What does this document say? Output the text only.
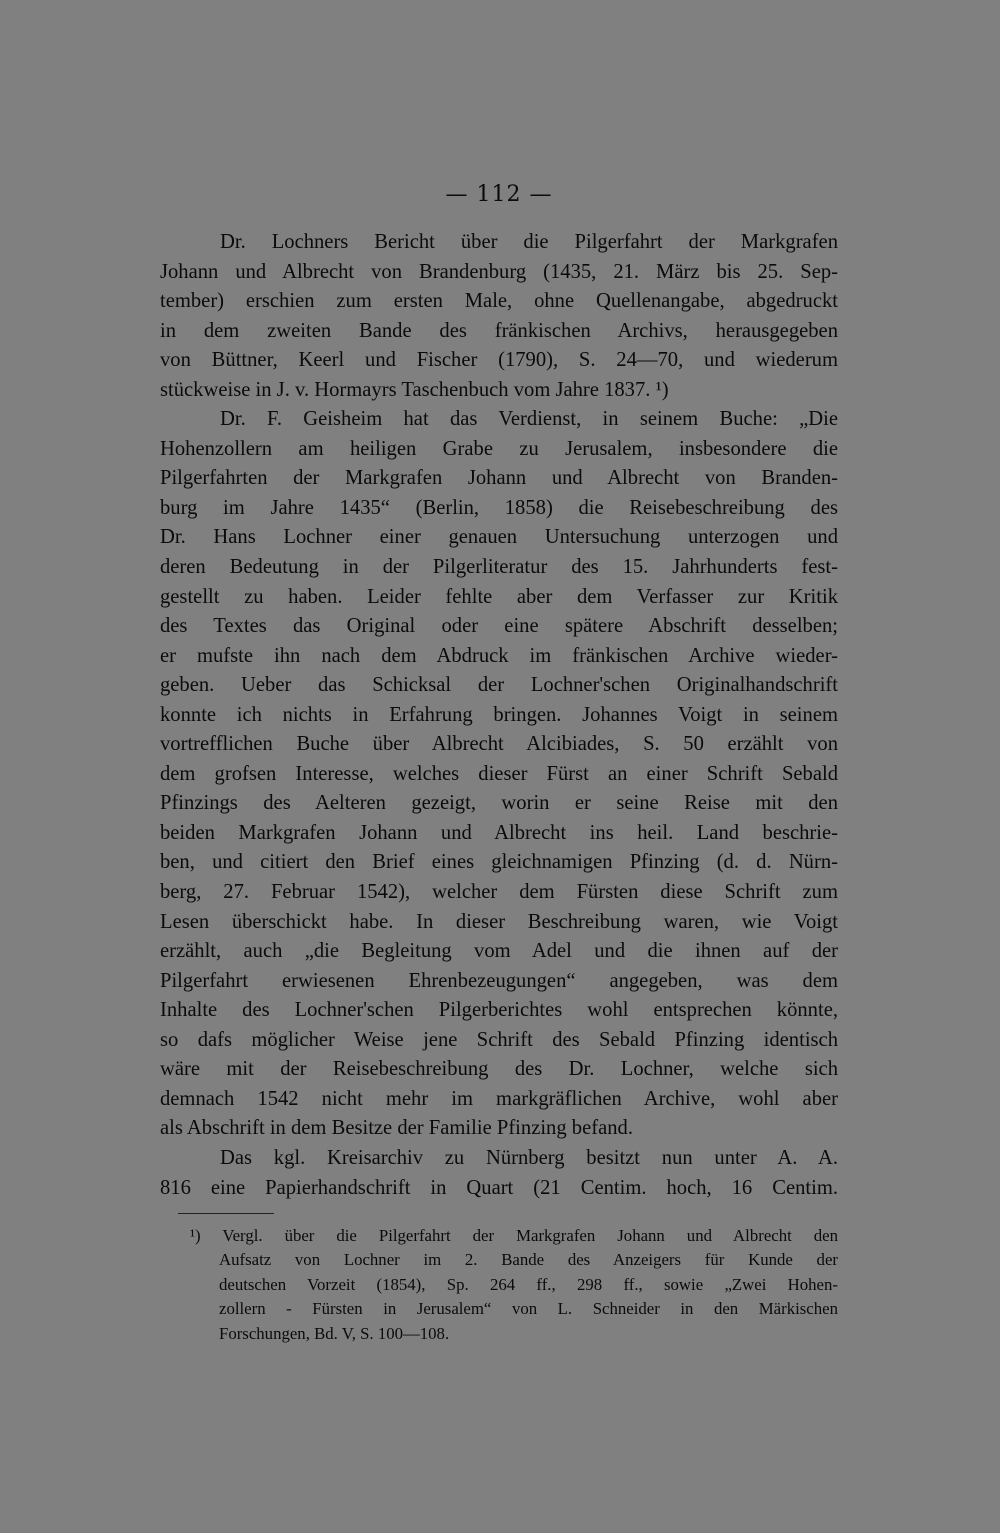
— 112 —
Dr. Lochners Bericht über die Pilgerfahrt der Markgrafen
Johann und Albrecht von Brandenburg (1435, 21. März bis 25. Sep-
tember) erschien zum ersten Male, ohne Quellenangabe, abgedruckt
in dem zweiten Bande des fränkischen Archivs, herausgegeben
von Büttner, Keerl und Fischer (1790), S. 24—70, und wiederum
stückweise in J. v. Hormayrs Taschenbuch vom Jahre 1837. ¹)
Dr. F. Geisheim hat das Verdienst, in seinem Buche: „Die
Hohenzollern am heiligen Grabe zu Jerusalem, insbesondere die
Pilgerfahrten der Markgrafen Johann und Albrecht von Branden-
burg im Jahre 1435“ (Berlin, 1858) die Reisebeschreibung des
Dr. Hans Lochner einer genauen Untersuchung unterzogen und
deren Bedeutung in der Pilgerliteratur des 15. Jahrhunderts fest-
gestellt zu haben. Leider fehlte aber dem Verfasser zur Kritik
des Textes das Original oder eine spätere Abschrift desselben;
er mufste ihn nach dem Abdruck im fränkischen Archive wieder-
geben. Ueber das Schicksal der Lochner'schen Originalhandschrift
konnte ich nichts in Erfahrung bringen. Johannes Voigt in seinem
vortrefflichen Buche über Albrecht Alcibiades, S. 50 erzählt von
dem grofsen Interesse, welches dieser Fürst an einer Schrift Sebald
Pfinzings des Aelteren gezeigt, worin er seine Reise mit den
beiden Markgrafen Johann und Albrecht ins heil. Land beschrie-
ben, und citiert den Brief eines gleichnamigen Pfinzing (d. d. Nürn-
berg, 27. Februar 1542), welcher dem Fürsten diese Schrift zum
Lesen überschickt habe. In dieser Beschreibung waren, wie Voigt
erzählt, auch „die Begleitung vom Adel und die ihnen auf der
Pilgerfahrt erwiesenen Ehrenbezeugungen“ angegeben, was dem
Inhalte des Lochner'schen Pilgerberichtes wohl entsprechen könnte,
so dafs möglicher Weise jene Schrift des Sebald Pfinzing identisch
wäre mit der Reisebeschreibung des Dr. Lochner, welche sich
demnach 1542 nicht mehr im markgräflichen Archive, wohl aber
als Abschrift in dem Besitze der Familie Pfinzing befand.
Das kgl. Kreisarchiv zu Nürnberg besitzt nun unter A. A.
816 eine Papierhandschrift in Quart (21 Centim. hoch, 16 Centim.
¹) Vergl. über die Pilgerfahrt der Markgrafen Johann und Albrecht den
Aufsatz von Lochner im 2. Bande des Anzeigers für Kunde der
deutschen Vorzeit (1854), Sp. 264 ff., 298 ff., sowie „Zwei Hohen-
zollern - Fürsten in Jerusalem“ von L. Schneider in den Märkischen
Forschungen, Bd. V, S. 100—108.
